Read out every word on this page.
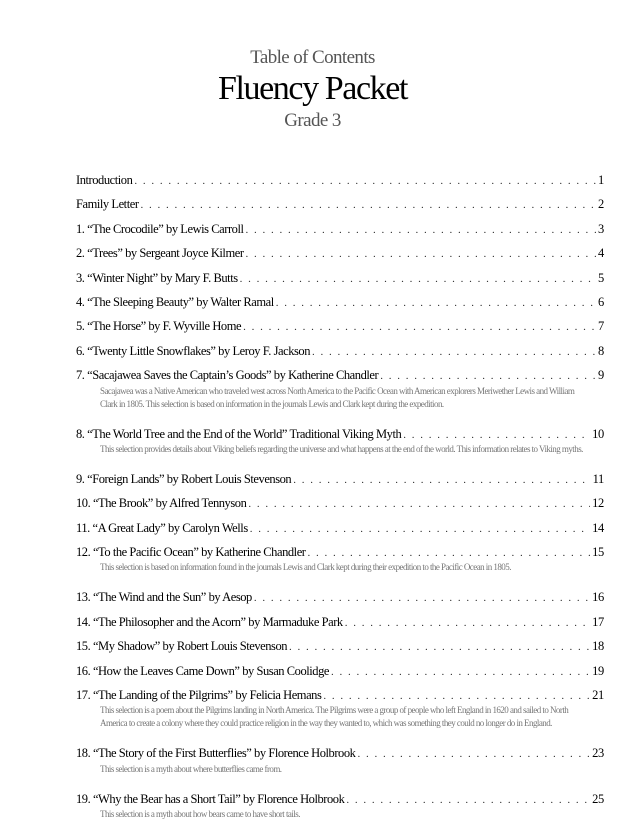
Table of Contents
Fluency Packet
Grade 3
Introduction . . .	1
Family Letter . . .	2
1. “The Crocodile” by Lewis Carroll . . .	3
2. “Trees” by Sergeant Joyce Kilmer . . .	4
3. “Winter Night” by Mary F. Butts . . .	5
4. “The Sleeping Beauty” by Walter Ramal . . .	6
5. “The Horse” by F. Wyville Home . . .	7
6. “Twenty Little Snowflakes” by Leroy F. Jackson . . .	8
7. “Sacajawea Saves the Captain’s Goods” by Katherine Chandler . . .	9
Sacajawea was a Native American who traveled west across North America to the Pacific Ocean with American explorers Meriwether Lewis and William Clark in 1805. This selection is based on information in the journals Lewis and Clark kept during the expedition.
8. “The World Tree and the End of the World” Traditional Viking Myth . . .	10
This selection provides details about Viking beliefs regarding the universe and what happens at the end of the world. This information relates to Viking myths.
9. “Foreign Lands” by Robert Louis Stevenson . . .	11
10. “The Brook” by Alfred Tennyson . . .	12
11. “A Great Lady” by Carolyn Wells . . .	14
12. “To the Pacific Ocean” by Katherine Chandler . . .	15
This selection is based on information found in the journals Lewis and Clark kept during their expedition to the Pacific Ocean in 1805.
13. “The Wind and the Sun” by Aesop . . .	16
14. “The Philosopher and the Acorn” by Marmaduke Park . . .	17
15. “My Shadow” by Robert Louis Stevenson . . .	18
16. “How the Leaves Came Down” by Susan Coolidge . . .	19
17. “The Landing of the Pilgrims” by Felicia Hemans . . .	21
This selection is a poem about the Pilgrims landing in North America. The Pilgrims were a group of people who left England in 1620 and sailed to North America to create a colony where they could practice religion in the way they wanted to, which was something they could no longer do in England.
18. “The Story of the First Butterflies” by Florence Holbrook . . .	23
This selection is a myth about where butterflies came from.
19. “Why the Bear has a Short Tail” by Florence Holbrook . . .	25
This selection is a myth about how bears came to have short tails.
